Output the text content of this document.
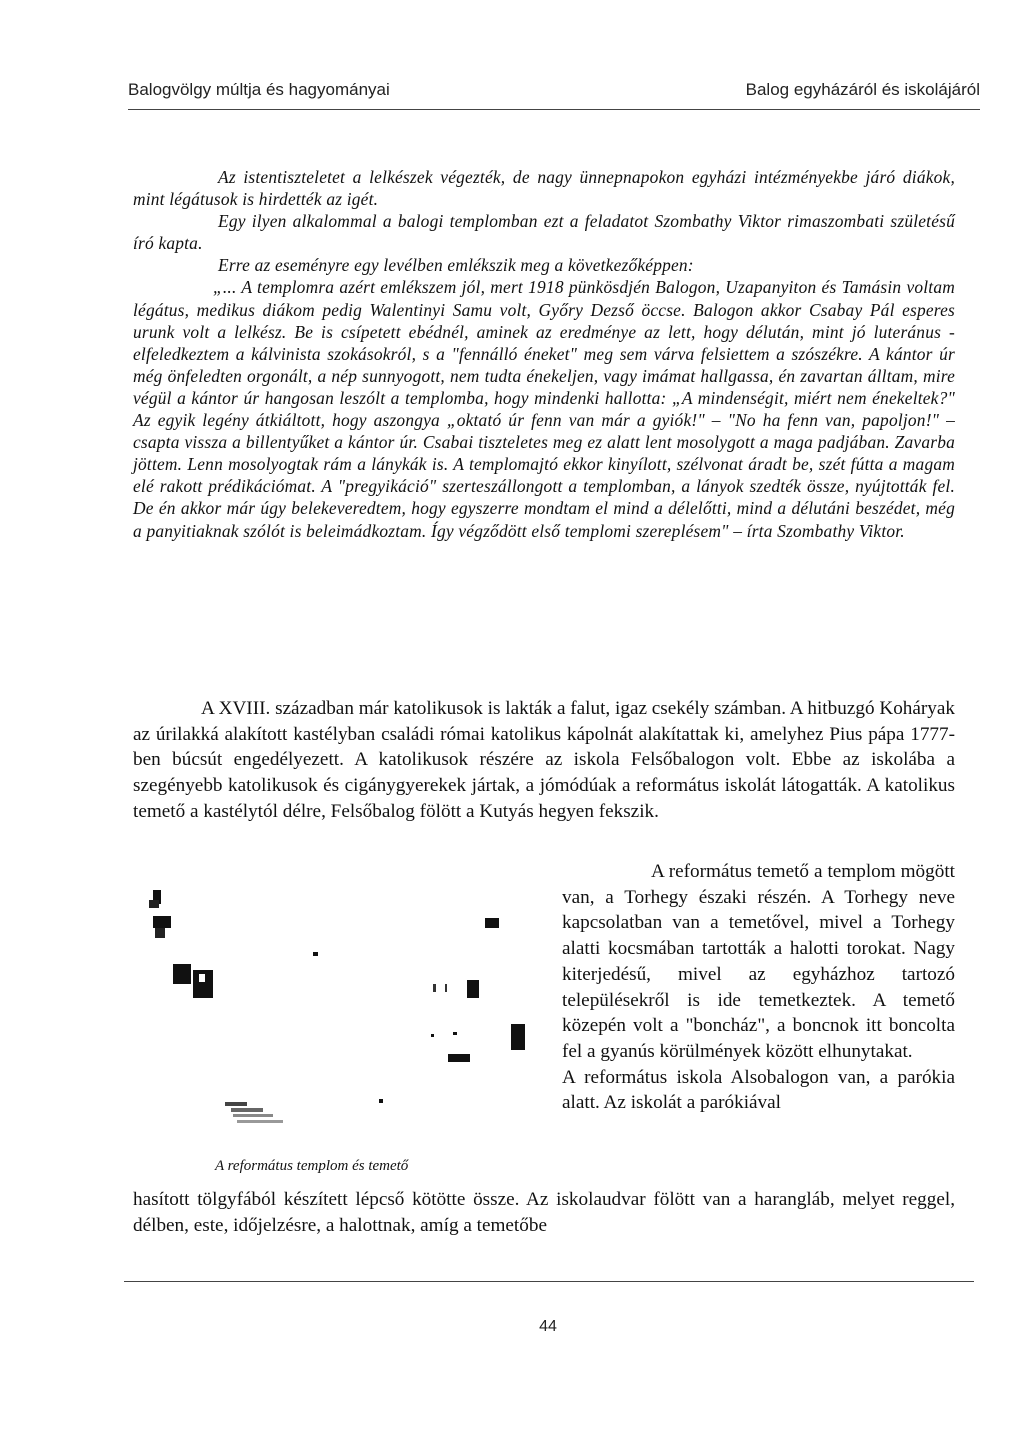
Balogvölgy múltja és hagyományai	Balog egyházáról és iskolájáról

Az istentiszteletet a lelkészek végezték, de nagy ünnepnapokon egyházi intézményekbe járó diákok, mint légátusok is hirdették az igét.

Egy ilyen alkalommal a balogi templomban ezt a feladatot Szombathy Viktor rimaszombati születésű író kapta.

Erre az eseményre egy levélben emlékszik meg a következőképpen:

„... A templomra azért emlékszem jól, mert 1918 pünkösdjén Balogon, Uzapanyiton és Tamásin voltam légátus, medikus diákom pedig Walentinyi Samu volt, Győry Dezső öccse. Balogon akkor Csabay Pál esperes urunk volt a lelkész. Be is csípetett ebédnél, aminek az eredménye az lett, hogy délután, mint jó luteránus - elfeledkeztem a kálvinista szokásokról, s a "fennálló éneket" meg sem várva felsiettem a szószékre. A kántor úr még önfeledten orgonált, a nép sunnyogott, nem tudta énekeljen, vagy imámat hallgassa, én zavartan álltam, mire végül a kántor úr hangosan leszólt a templomba, hogy mindenki hallotta: „A mindenségit, miért nem énekeltek?" Az egyik legény átkiáltott, hogy aszongya „oktató úr fenn van már a gyiók!" – "No ha fenn van, papoljon!" – csapta vissza a billentyűket a kántor úr. Csabai tiszteletes meg ez alatt lent mosolygott a maga padjában. Zavarba jöttem. Lenn mosolyogtak rám a lánykák is. A templomajtó ekkor kinyílott, szélvonat áradt be, szét fútta a magam elé rakott prédikációmat. A "pregyikáció" szerteszállongott a templomban, a lányok szedték össze, nyújtották fel. De én akkor már úgy belekeveredtem, hogy egyszerre mondtam el mind a délelőtti, mind a délutáni beszédet, még a panyitiaknak szólót is beleimádkoztam. Így végződött első templomi szereplésem" – írta Szombathy Viktor.

A XVIII. században már katolikusok is lakták a falut, igaz csekély számban. A hitbuzgó Koháryak az úrilakká alakított kastélyban családi római katolikus kápolnát alakítattak ki, amelyhez Pius pápa 1777-ben búcsút engedélyezett. A katolikusok részére az iskola Felsőbalogon volt. Ebbe az iskolába a szegényebb katolikusok és cigánygyerekek jártak, a jómódúak a református iskolát látogatták. A katolikus temető a kastélytól délre, Felsőbalog fölött a Kutyás hegyen fekszik.

A református templom és temető

A református temető a templom mögött van, a Torhegy északi részén. A Torhegy neve kapcsolatban van a temetővel, mivel a Torhegy alatti kocsmában tartották a halotti torokat. Nagy kiterjedésű, mivel az egyházhoz tartozó településekről is ide temetkeztek. A temető közepén volt a "boncház", a boncnok itt boncolta fel a gyanús körülmények között elhunytakat.

A református iskola Alsobalogon van, a parókia alatt. Az iskolát a parókiával

hasított tölgyfából készített lépcső kötötte össze. Az iskolaudvar fölött van a harangláb, melyet reggel, délben, este, időjelzésre, a halottnak, amíg a temetőbe

44
